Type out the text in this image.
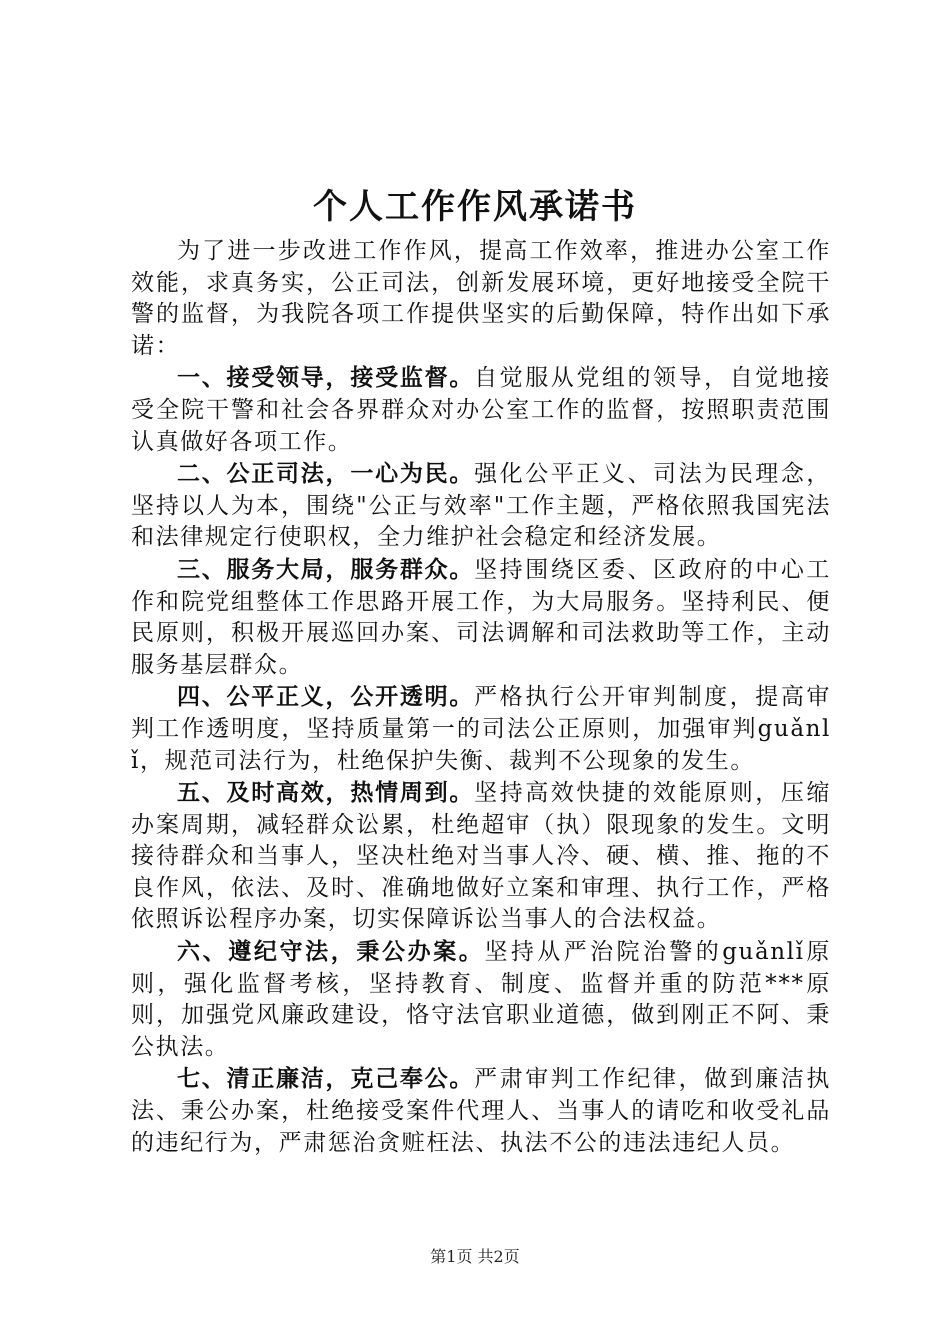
个人工作作风承诺书

为了进一步改进工作作风，提高工作效率，推进办公室工作效能，求真务实，公正司法，创新发展环境，更好地接受全院干警的监督，为我院各项工作提供坚实的后勤保障，特作出如下承诺：

一、接受领导，接受监督。自觉服从党组的领导，自觉地接受全院干警和社会各界群众对办公室工作的监督，按照职责范围认真做好各项工作。

二、公正司法，一心为民。强化公平正义、司法为民理念，坚持以人为本，围绕"公正与效率"工作主题，严格依照我国宪法和法律规定行使职权，全力维护社会稳定和经济发展。

三、服务大局，服务群众。坚持围绕区委、区政府的中心工作和院党组整体工作思路开展工作，为大局服务。坚持利民、便民原则，积极开展巡回办案、司法调解和司法救助等工作，主动服务基层群众。

四、公平正义，公开透明。严格执行公开审判制度，提高审判工作透明度，坚持质量第一的司法公正原则，加强审判guǎnlǐ，规范司法行为，杜绝保护失衡、裁判不公现象的发生。

五、及时高效，热情周到。坚持高效快捷的效能原则，压缩办案周期，减轻群众讼累，杜绝超审（执）限现象的发生。文明接待群众和当事人，坚决杜绝对当事人冷、硬、横、推、拖的不良作风，依法、及时、准确地做好立案和审理、执行工作，严格依照诉讼程序办案，切实保障诉讼当事人的合法权益。

六、遵纪守法，秉公办案。坚持从严治院治警的guǎnlǐ原则，强化监督考核，坚持教育、制度、监督并重的防范***原则，加强党风廉政建设，恪守法官职业道德，做到刚正不阿、秉公执法。

七、清正廉洁，克己奉公。严肃审判工作纪律，做到廉洁执法、秉公办案，杜绝接受案件代理人、当事人的请吃和收受礼品的违纪行为，严肃惩治贪赃枉法、执法不公的违法违纪人员。

第1页 共2页
